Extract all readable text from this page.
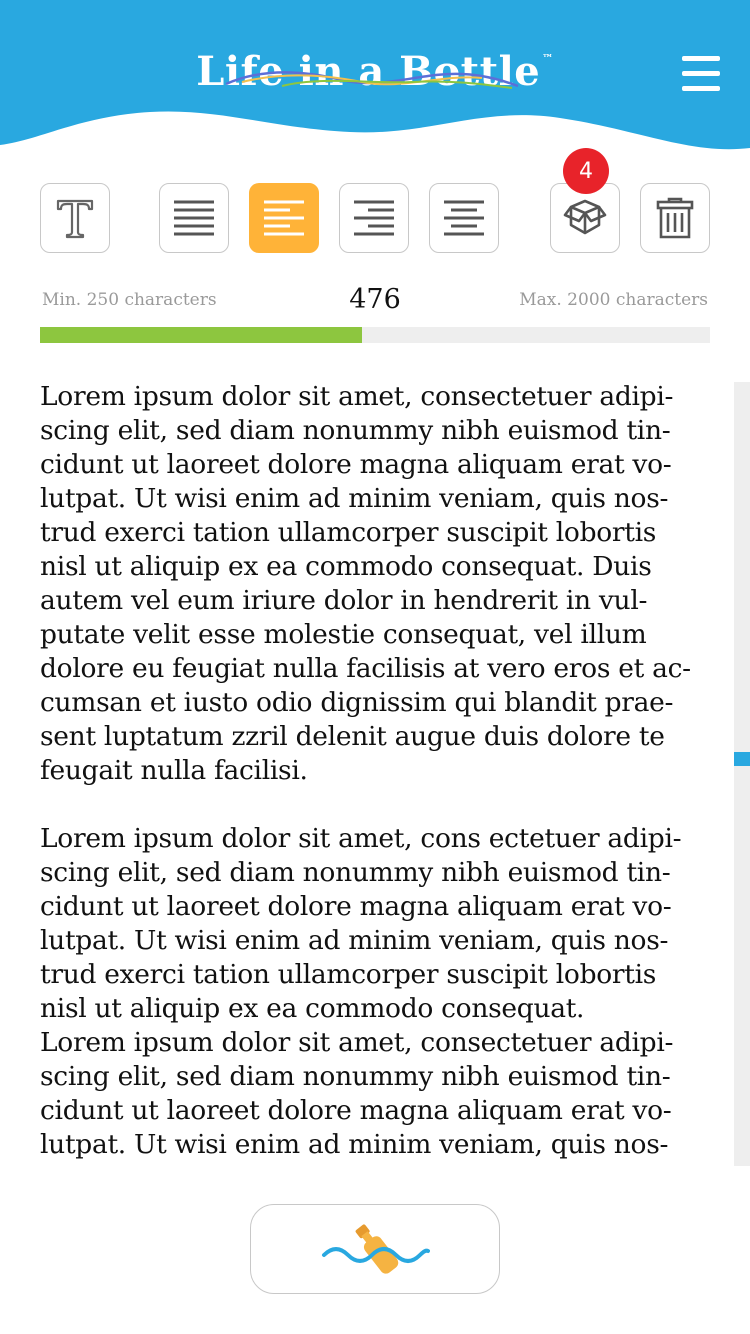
Life in a Bottle ™
4
Min. 250 characters	476	Max. 2000 characters

Lorem ipsum dolor sit amet, consectetuer adipi-
scing elit, sed diam nonummy nibh euismod tin-
cidunt ut laoreet dolore magna aliquam erat vo-
lutpat. Ut wisi enim ad minim veniam, quis nos-
trud exerci tation ullamcorper suscipit lobortis
nisl ut aliquip ex ea commodo consequat. Duis
autem vel eum iriure dolor in hendrerit in vul-
putate velit esse molestie consequat, vel illum
dolore eu feugiat nulla facilisis at vero eros et ac-
cumsan et iusto odio dignissim qui blandit prae-
sent luptatum zzril delenit augue duis dolore te
feugait nulla facilisi.

Lorem ipsum dolor sit amet, cons ectetuer adipi-
scing elit, sed diam nonummy nibh euismod tin-
cidunt ut laoreet dolore magna aliquam erat vo-
lutpat. Ut wisi enim ad minim veniam, quis nos-
trud exerci tation ullamcorper suscipit lobortis
nisl ut aliquip ex ea commodo consequat.
Lorem ipsum dolor sit amet, consectetuer adipi-
scing elit, sed diam nonummy nibh euismod tin-
cidunt ut laoreet dolore magna aliquam erat vo-
lutpat. Ut wisi enim ad minim veniam, quis nos-
